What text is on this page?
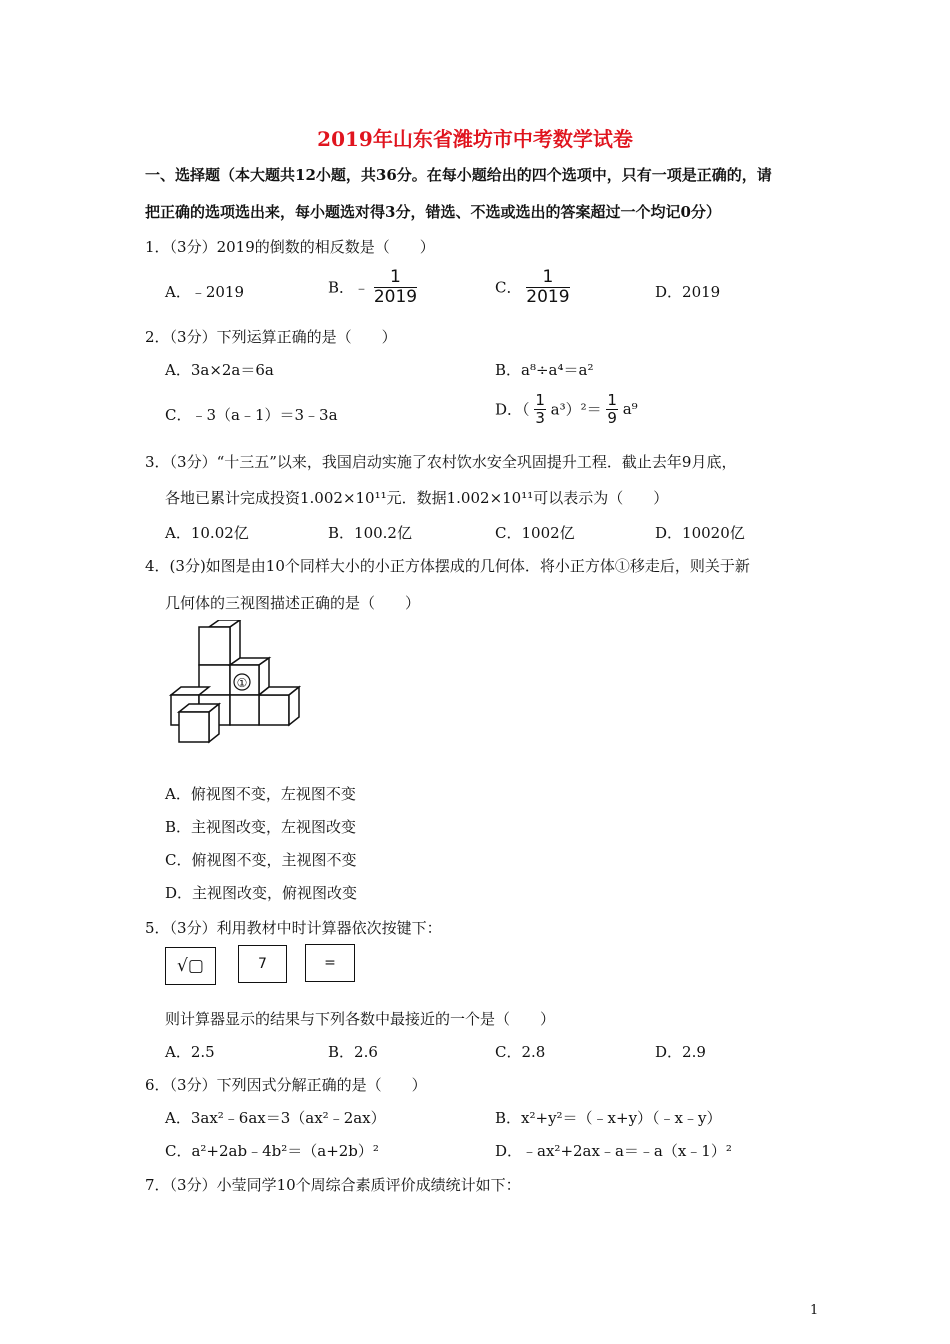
2019年山东省潍坊市中考数学试卷
一、选择题（本大题共12小题，共36分。在每小题给出的四个选项中，只有一项是正确的，请
把正确的选项选出来，每小题选对得3分，错选、不选或选出的答案超过一个均记0分）
1．（3分）2019的倒数的相反数是（　　）
A．﹣2019	B．﹣ $\frac{1}{2019}$	C． $\frac{1}{2019}$	D．2019
2．（3分）下列运算正确的是（　　）
A．3a×2a＝6a	B．a⁸÷a⁴＝a²
C．﹣3（a﹣1）＝3﹣3a	D．（ $\frac{1}{3} a^3)^2= \frac{1}{9} a^9$
3．（3分）“十三五”以来，我国启动实施了农村饮水安全巩固提升工程．截止去年9月底，
各地已累计完成投资1.002×10¹¹元．数据1.002×10¹¹可以表示为（　　）
A．10.02亿	B．100.2亿	C．1002亿	D．10020亿
4．(3分)如图是由10个同样大小的小正方体摆成的几何体．将小正方体①移走后，则关于新
几何体的三视图描述正确的是（　　）
①
A．俯视图不变，左视图不变
B．主视图改变，左视图改变
C．俯视图不变，主视图不变
D．主视图改变，俯视图改变
5．（3分）利用教材中时计算器依次按键下：
√▢	7	=
则计算器显示的结果与下列各数中最接近的一个是（　　）
A．2.5	B．2.6	C．2.8	D．2.9
6．（3分）下列因式分解正确的是（　　）
A．3ax²﹣6ax＝3（ax²﹣2ax）	B．x²+y²＝（﹣x+y）（﹣x﹣y）
C．a²+2ab﹣4b²＝（a+2b）²	D．﹣ax²+2ax﹣a＝﹣a（x﹣1）²
7．（3分）小莹同学10个周综合素质评价成绩统计如下：
1
